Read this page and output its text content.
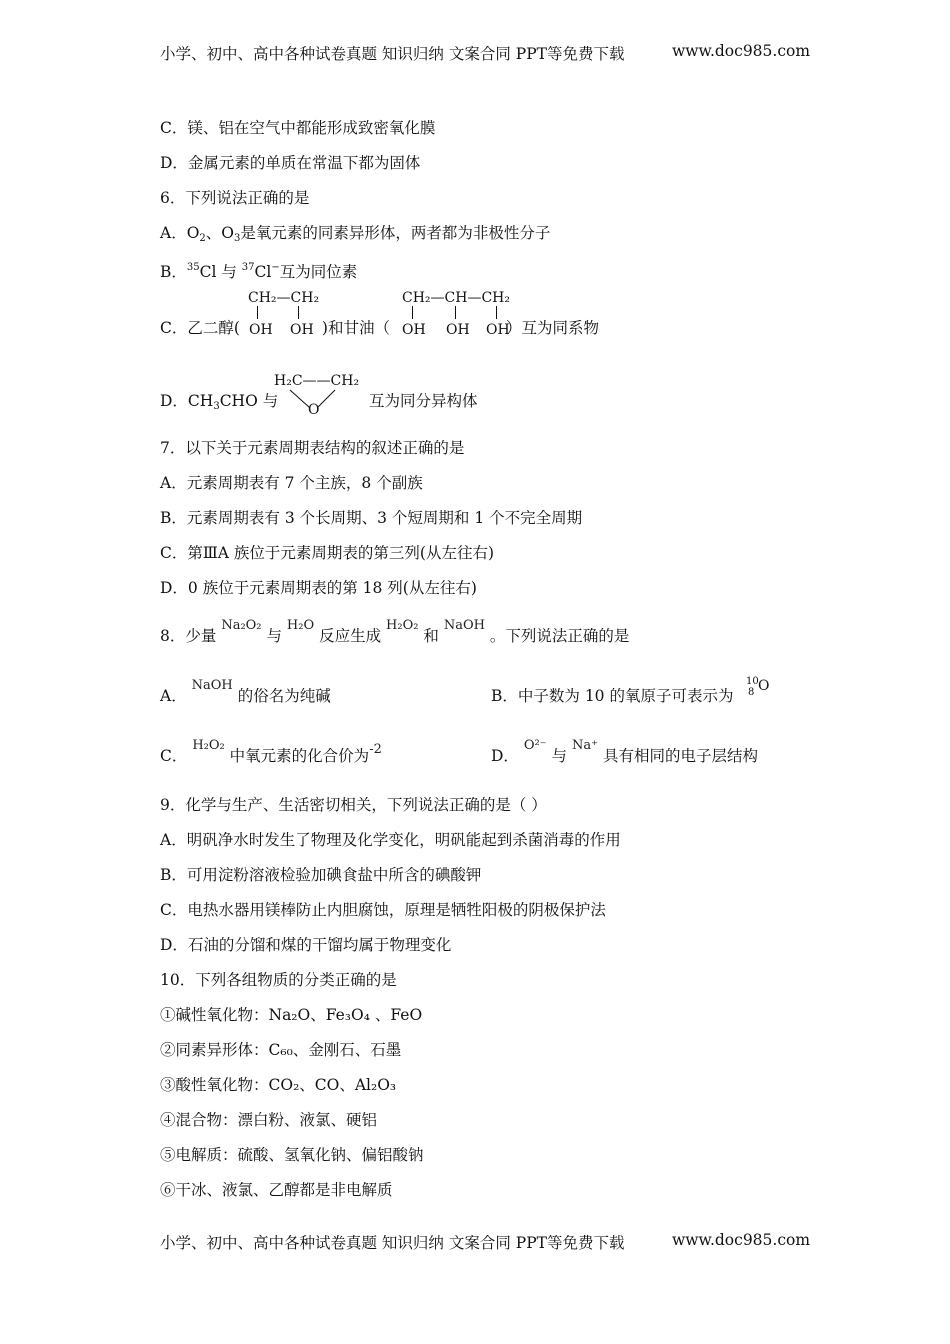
小学、初中、高中各种试卷真题 知识归纳 文案合同 PPT等免费下载	www.doc985.com
C．镁、铝在空气中都能形成致密氧化膜
D．金属元素的单质在常温下都为固体
6．下列说法正确的是
A．$O_2$、$O_3$是氧元素的同素异形体，两者都为非极性分子
B．$^{35}$Cl 与 $^{37}$Cl−互为同位素
C．乙二醇(	)和甘油（	）互为同系物
CH₂—CH₂
OH OH
CH₂—CH—CH₂
OH OH OH
D．$CH_3CHO$ 与	互为同分异构体
H₂C——CH₂
O
7．以下关于元素周期表结构的叙述正确的是
A．元素周期表有 7 个主族，8 个副族
B．元素周期表有 3 个长周期、3 个短周期和 1 个不完全周期
C．第ⅢA 族位于元素周期表的第三列(从左往右)
D．0 族位于元素周期表的第 18 列(从左往右)
8．少量 $^{Na_2O_2}$ 与 $^{H_2O}$ 反应生成 $^{H_2O_2}$ 和 $^{NaOH}$ 。下列说法正确的是
A． $^{NaOH}$ 的俗名为纯碱	B．中子数为 10 的氧原子可表示为
10
8 O
C． $^{H_2O_2}$ 中氧元素的化合价为$^{-2}$	D． $^{O^{2-}}$ 与 $^{Na^+}$ 具有相同的电子层结构
9．化学与生产、生活密切相关，下列说法正确的是（ ）
A．明矾净水时发生了物理及化学变化，明矾能起到杀菌消毒的作用
B．可用淀粉溶液检验加碘食盐中所含的碘酸钾
C．电热水器用镁棒防止内胆腐蚀，原理是牺牲阳极的阴极保护法
D．石油的分馏和煤的干馏均属于物理变化
10．下列各组物质的分类正确的是
①碱性氧化物：Na₂O、Fe₃O₄ 、FeO
②同素异形体：C₆₀、金刚石、石墨
③酸性氧化物：CO₂、CO、Al₂O₃
④混合物：漂白粉、液氯、硬铝
⑤电解质：硫酸、氢氧化钠、偏铝酸钠
⑥干冰、液氯、乙醇都是非电解质
小学、初中、高中各种试卷真题 知识归纳 文案合同 PPT等免费下载	www.doc985.com
